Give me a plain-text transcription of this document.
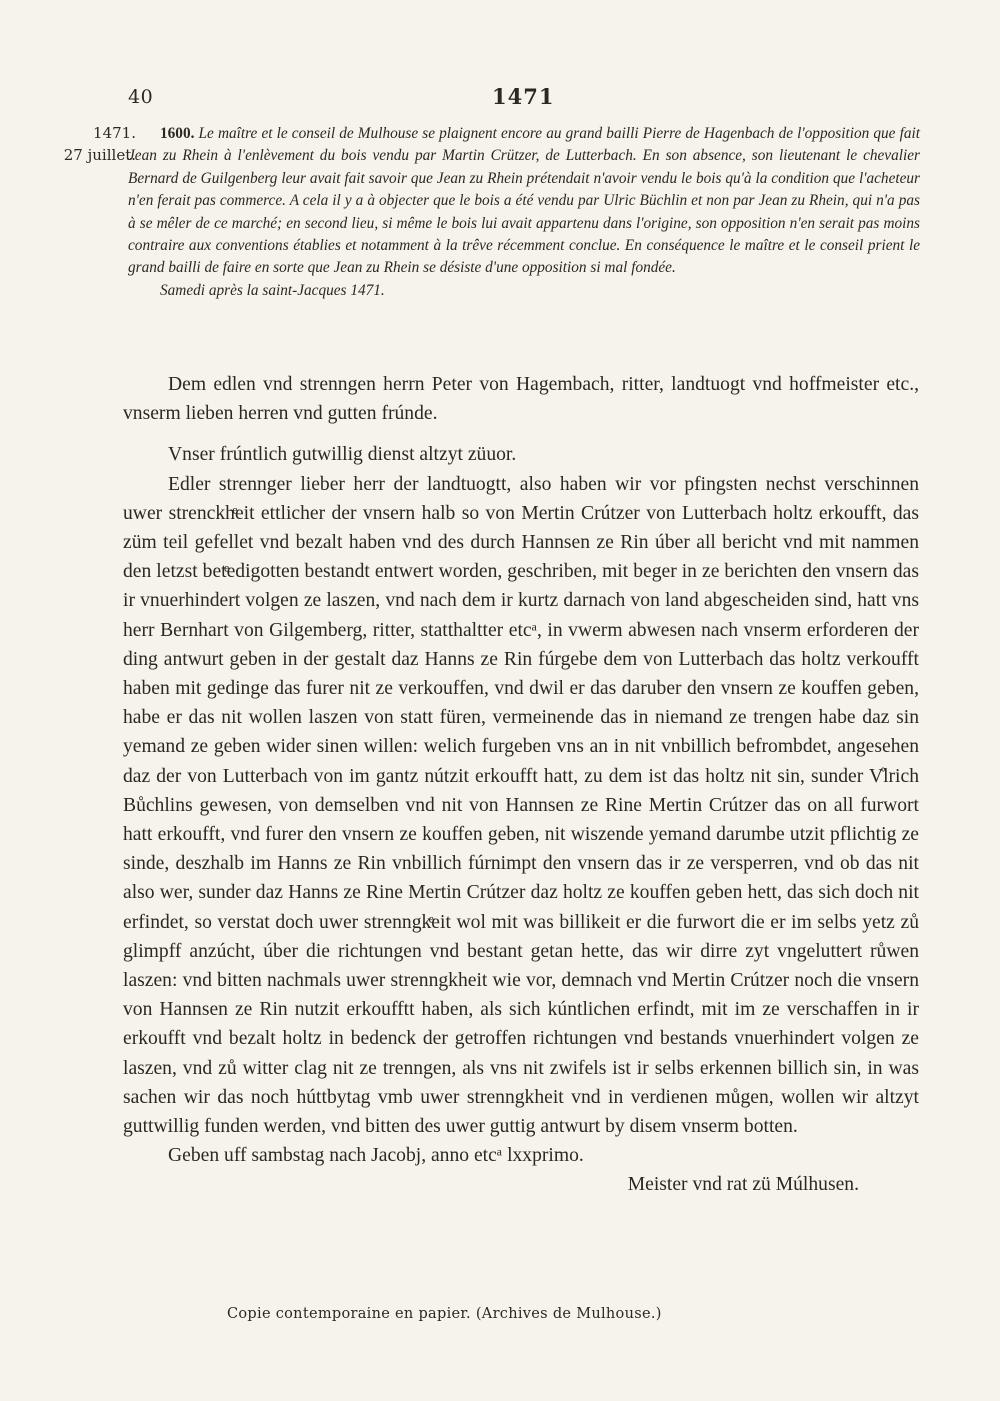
40	1471
1471.
27 juillet.

1600. Le maître et le conseil de Mulhouse se plaignent encore au grand bailli Pierre de Hagenbach de l'opposition que fait Jean zu Rhein à l'enlèvement du bois vendu par Martin Crützer, de Lutterbach. En son absence, son lieutenant le chevalier Bernard de Guilgenberg leur avait fait savoir que Jean zu Rhein prétendait n'avoir vendu le bois qu'à la condition que l'acheteur n'en ferait pas commerce. A cela il y a à objecter que le bois a été vendu par Ulric Büchlin et non par Jean zu Rhein, qui n'a pas à se mêler de ce marché; en second lieu, si même le bois lui avait appartenu dans l'origine, son opposition n'en serait pas moins contraire aux conventions établies et notamment à la trêve récemment conclue. En conséquence le maître et le conseil prient le grand bailli de faire en sorte que Jean zu Rhein se désiste d'une opposition si mal fondée.

Samedi après la saint-Jacques 1471.

Dem edlen vnd strenngen herrn Peter von Hagembach, ritter, landtuogt vnd hoffmeister etc., vnserm lieben herren vnd gutten frúnde.

Vnser frúntlich gutwillig dienst altzyt züuor.

Edler strennger lieber herr der landtuogtt, also haben wir vor pfingsten nechst verschinnen uwer strenckhͤeit ettlicher der vnsern halb so von Mertin Crútzer von Lutterbach holtz erkoufft, das züm teil gefellet vnd bezalt haben vnd des durch Hannsen ze Rin úber all bericht vnd mit nammen den letzst betͤedigotten bestandt entwert worden, geschriben, mit beger in ze berichten den vnsern das ir vnuerhindert volgen ze laszen, vnd nach dem ir kurtz darnach von land abgescheiden sind, hatt vns herr Bernhart von Gilgemberg, ritter, statthaltter etcᵃ, in vwerm abwesen nach vnserm erforderen der ding antwurt geben in der gestalt daz Hanns ze Rin fúrgebe dem von Lutterbach das holtz verkoufft haben mit gedinge das furer nit ze verkouffen, vnd dwil er das daruber den vnsern ze kouffen geben, habe er das nit wollen laszen von statt füren, vermeinende das in niemand ze trengen habe daz sin yemand ze geben wider sinen willen: welich furgeben vns an in nit vnbillich befrombdet, angesehen daz der von Lutterbach von im gantz nútzit erkoufft hatt, zu dem ist das holtz nit sin, sunder V̊lrich Bůchlins gewesen, von demselben vnd nit von Hannsen ze Rine Mertin Crútzer das on all furwort hatt erkoufft, vnd furer den vnsern ze kouffen geben, nit wiszende yemand darumbe utzit pflichtig ze sinde, deszhalb im Hanns ze Rin vnbillich fúrnimpt den vnsern das ir ze versperren, vnd ob das nit also wer, sunder daz Hanns ze Rine Mertin Crútzer daz holtz ze kouffen geben hett, das sich doch nit erfindet, so verstat doch uwer strenngkͤeit wol mit was billikeit er die furwort die er im selbs yetz zů glimpff anzúcht, úber die richtungen vnd bestant getan hette, das wir dirre zyt vngeluttert růwen laszen: vnd bitten nachmals uwer strenngkheit wie vor, demnach vnd Mertin Crútzer noch die vnsern von Hannsen ze Rin nutzit erkoufftt haben, als sich kúntlichen erfindt, mit im ze verschaffen in ir erkoufft vnd bezalt holtz in bedenck der getroffen richtungen vnd bestands vnuerhindert volgen ze laszen, vnd zů witter clag nit ze trenngen, als vns nit zwifels ist ir selbs erkennen billich sin, in was sachen wir das noch húttbytag vmb uwer strenngkheit vnd in verdienen můgen, wollen wir altzyt guttwillig funden werden, vnd bitten des uwer guttig antwurt by disem vnserm botten.

Geben uff sambstag nach Jacobj, anno etcᵃ lxxprimo.

Meister vnd rat zü Múlhusen.

Copie contemporaine en papier. (Archives de Mulhouse.)
